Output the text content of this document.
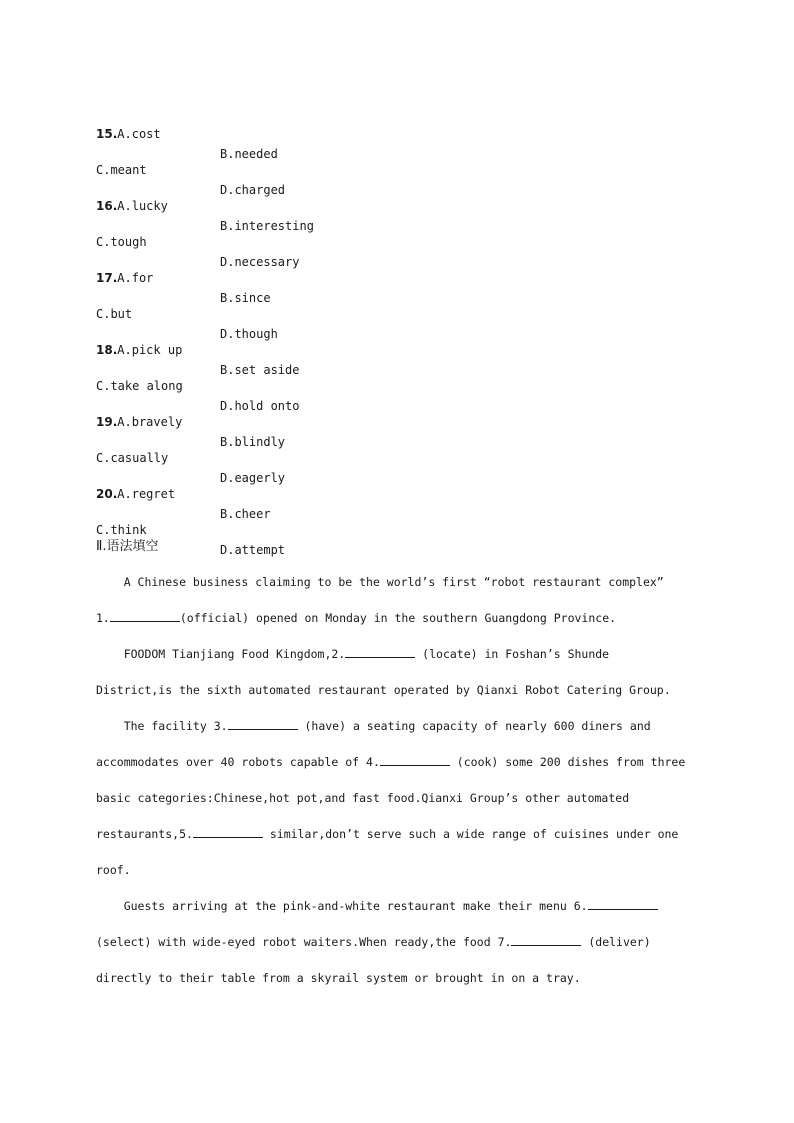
15.A.cost

B.needed

C.meant

D.charged

16.A.lucky

B.interesting

C.tough

D.necessary

17.A.for

B.since

C.but

D.though

18.A.pick up

B.set aside

C.take along

D.hold onto

19.A.bravely

B.blindly

C.casually

D.eagerly

20.A.regret

B.cheer

C.think

D.attempt

Ⅱ.语法填空
A Chinese business claiming to be the world’s first “robot restaurant complex”
1.	(official) opened on Monday in the southern Guangdong Province.
FOODOM Tianjiang Food Kingdom,2.	(locate) in Foshan’s Shunde
District,is the sixth automated restaurant operated by Qianxi Robot Catering Group.
The facility 3.	(have) a seating capacity of nearly 600 diners and
accommodates over 40 robots capable of 4.	(cook) some 200 dishes from three
basic categories:Chinese,hot pot,and fast food.Qianxi Group’s other automated
restaurants,5.	similar,don’t serve such a wide range of cuisines under one
roof.
Guests arriving at the pink-and-white restaurant make their menu 6.
(select) with wide-eyed robot waiters.When ready,the food 7.	(deliver)
directly to their table from a skyrail system or brought in on a tray.
